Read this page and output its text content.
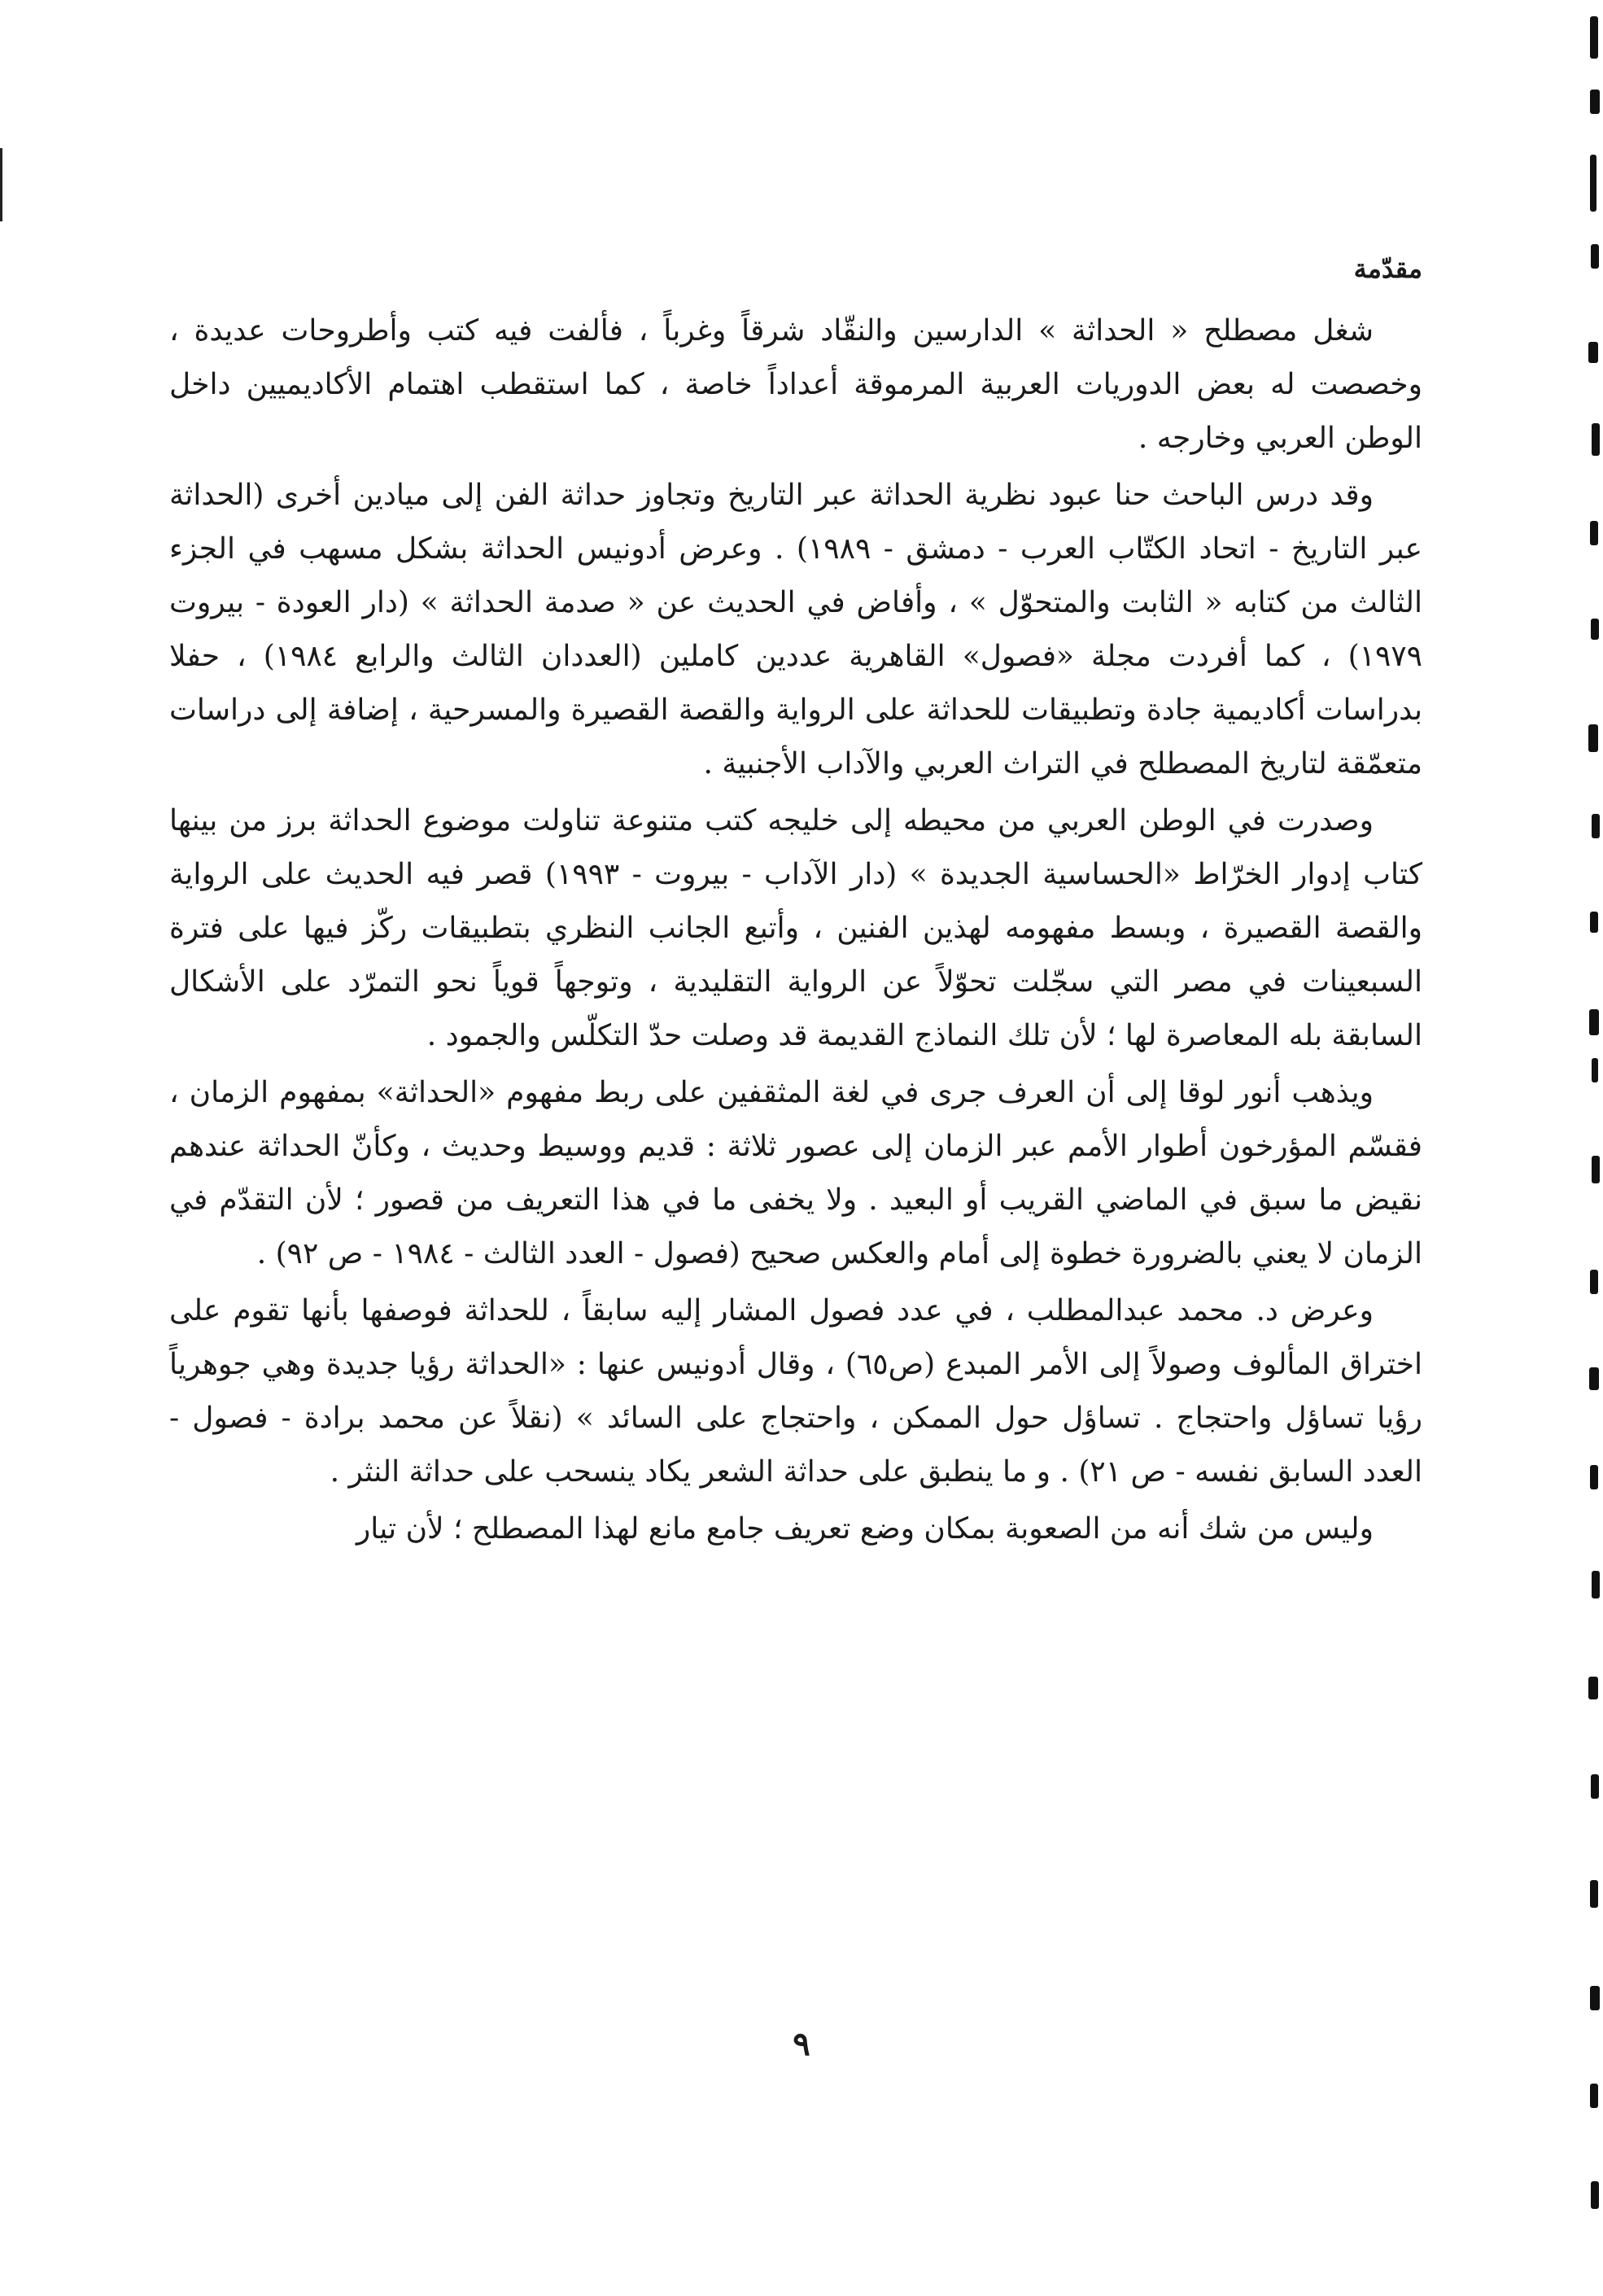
مقدّمة

شغل مصطلح « الحداثة » الدارسين والنقّاد شرقاً وغرباً ، فألفت فيه كتب وأطروحات عديدة ، وخصصت له بعض الدوريات العربية المرموقة أعداداً خاصة ، كما استقطب اهتمام الأكاديميين داخل الوطن العربي وخارجه .

وقد درس الباحث حنا عبود نظرية الحداثة عبر التاريخ وتجاوز حداثة الفن إلى ميادين أخرى (الحداثة عبر التاريخ - اتحاد الكتّاب العرب - دمشق - ١٩٨٩) . وعرض أدونيس الحداثة بشكل مسهب في الجزء الثالث من كتابه « الثابت والمتحوّل » ، وأفاض في الحديث عن « صدمة الحداثة » (دار العودة - بيروت ١٩٧٩) ، كما أفردت مجلة «فصول» القاهرية عددين كاملين (العددان الثالث والرابع ١٩٨٤) ، حفلا بدراسات أكاديمية جادة وتطبيقات للحداثة على الرواية والقصة القصيرة والمسرحية ، إضافة إلى دراسات متعمّقة لتاريخ المصطلح في التراث العربي والآداب الأجنبية .

وصدرت في الوطن العربي من محيطه إلى خليجه كتب متنوعة تناولت موضوع الحداثة برز من بينها كتاب إدوار الخرّاط «الحساسية الجديدة » (دار الآداب - بيروت - ١٩٩٣) قصر فيه الحديث على الرواية والقصة القصيرة ، وبسط مفهومه لهذين الفنين ، وأتبع الجانب النظري بتطبيقات ركّز فيها على فترة السبعينات في مصر التي سجّلت تحوّلاً عن الرواية التقليدية ، وتوجهاً قوياً نحو التمرّد على الأشكال السابقة بله المعاصرة لها ؛ لأن تلك النماذج القديمة قد وصلت حدّ التكلّس والجمود .

ويذهب أنور لوقا إلى أن العرف جرى في لغة المثقفين على ربط مفهوم «الحداثة» بمفهوم الزمان ، فقسّم المؤرخون أطوار الأمم عبر الزمان إلى عصور ثلاثة : قديم ووسيط وحديث ، وكأنّ الحداثة عندهم نقيض ما سبق في الماضي القريب أو البعيد . ولا يخفى ما في هذا التعريف من قصور ؛ لأن التقدّم في الزمان لا يعني بالضرورة خطوة إلى أمام والعكس صحيح (فصول - العدد الثالث - ١٩٨٤ - ص ٩٢) .

وعرض د. محمد عبدالمطلب ، في عدد فصول المشار إليه سابقاً ، للحداثة فوصفها بأنها تقوم على اختراق المألوف وصولاً إلى الأمر المبدع (ص٦٥) ، وقال أدونيس عنها : «الحداثة رؤيا جديدة وهي جوهرياً رؤيا تساؤل واحتجاج . تساؤل حول الممكن ، واحتجاج على السائد » (نقلاً عن محمد برادة - فصول - العدد السابق نفسه - ص ٢١) . و ما ينطبق على حداثة الشعر يكاد ينسحب على حداثة النثر .

وليس من شك أنه من الصعوبة بمكان وضع تعريف جامع مانع لهذا المصطلح ؛ لأن تيار

٩
